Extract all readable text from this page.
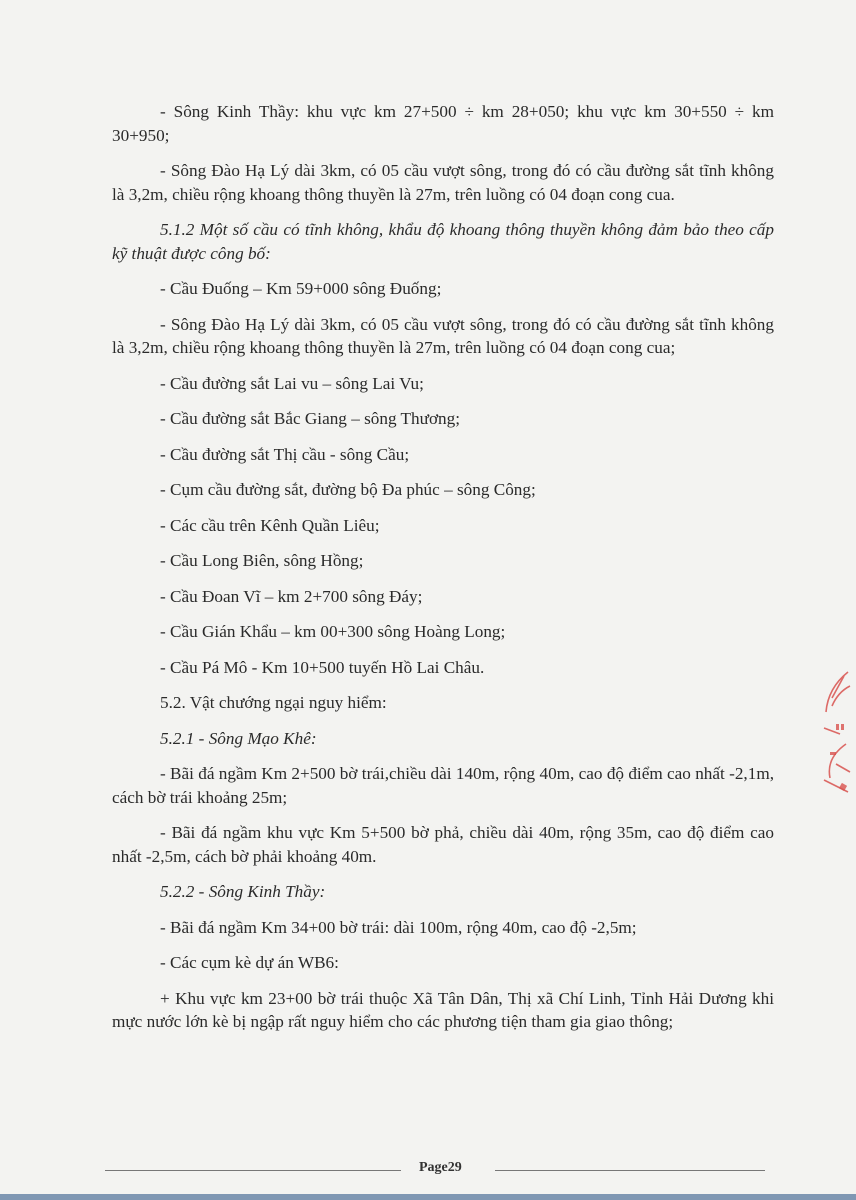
- Sông Kinh Thầy: khu vực km 27+500 ÷ km 28+050; khu vực km 30+550 ÷ km 30+950;

- Sông Đào Hạ Lý dài 3km, có 05 cầu vượt sông, trong đó có cầu đường sắt tĩnh không là 3,2m, chiều rộng khoang thông thuyền là 27m, trên luồng có 04 đoạn cong cua.

5.1.2 Một số cầu có tĩnh không, khẩu độ khoang thông thuyền không đảm bảo theo cấp kỹ thuật được công bố:

- Cầu Đuống – Km 59+000 sông Đuống;

- Sông Đào Hạ Lý dài 3km, có 05 cầu vượt sông, trong đó có cầu đường sắt tĩnh không là 3,2m, chiều rộng khoang thông thuyền là 27m, trên luồng có 04 đoạn cong cua;

- Cầu đường sắt Lai vu – sông Lai Vu;

- Cầu đường sắt Bắc Giang – sông Thương;

- Cầu đường sắt Thị cầu - sông Cầu;

- Cụm cầu đường sắt, đường bộ Đa phúc – sông Công;

- Các cầu trên Kênh Quần Liêu;

- Cầu Long Biên, sông Hồng;

- Cầu Đoan Vĩ – km 2+700 sông Đáy;

- Cầu Gián Khẩu – km 00+300 sông Hoàng Long;

- Cầu Pá Mô - Km 10+500 tuyến Hồ Lai Châu.

5.2. Vật chướng ngại nguy hiểm:

5.2.1 - Sông Mạo Khê:

- Bãi đá ngầm Km 2+500 bờ trái,chiều dài 140m, rộng 40m, cao độ điểm cao nhất -2,1m, cách bờ trái khoảng 25m;

- Bãi đá ngầm khu vực Km 5+500 bờ phả, chiều dài 40m, rộng 35m, cao độ điểm cao nhất -2,5m, cách bờ phải khoảng 40m.

5.2.2 - Sông Kinh Thầy:

- Bãi đá ngầm Km 34+00 bờ trái: dài 100m, rộng 40m, cao độ -2,5m;

- Các cụm kè dự án WB6:

+ Khu vực km 23+00 bờ trái thuộc Xã Tân Dân, Thị xã Chí Linh, Tỉnh Hải Dương khi mực nước lớn kè bị ngập rất nguy hiểm cho các phương tiện tham gia giao thông;

Page29
